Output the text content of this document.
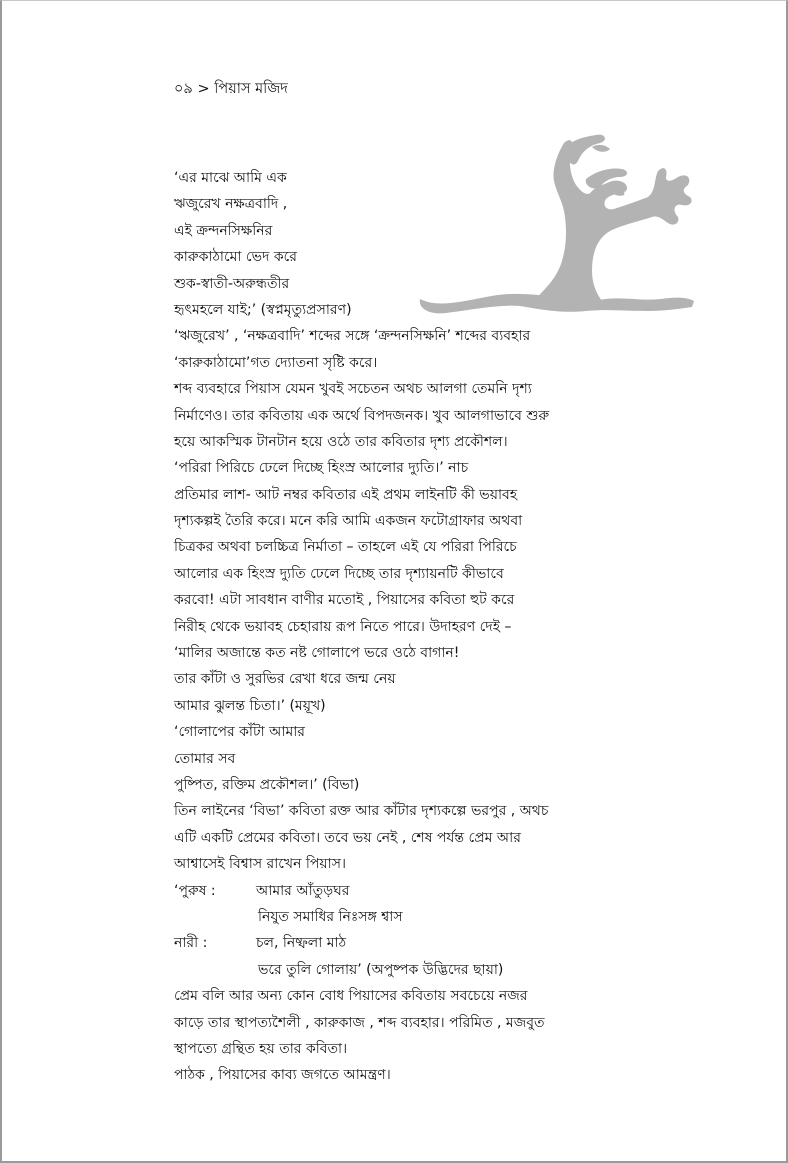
০৯ > পিয়াস মজিদ
‘এর মাঝে আমি এক
ঋজুরেখ নক্ষত্রবাদি ,
এই ক্রন্দনসিক্ষনির
কারুকাঠামো ভেদ করে
শুক-স্বাতী-অরুন্ধতীর
হৃৎমহলে যাই;’ (স্বপ্নমৃত্যুপ্রসারণ)
‘ঋজুরেখ’ , ‘নক্ষত্রবাদি’ শব্দের সঙ্গে ‘ক্রন্দনসিক্ষনি’ শব্দের ব্যবহার
‘কারুকাঠামো’গত দ্যোতনা সৃষ্টি করে।
শব্দ ব্যবহারে পিয়াস যেমন খুবই সচেতন অথচ আলগা তেমনি দৃশ্য
নির্মাণেও। তার কবিতায় এক অর্থে বিপদজনক। খুব আলগাভাবে শুরু
হয়ে আকস্মিক টানটান হয়ে ওঠে তার কবিতার দৃশ্য প্রকৌশল।
‘পরিরা পিরিচে ঢেলে দিচ্ছে হিংস্র আলোর দ্যুতি।’ নাচ
প্রতিমার লাশ- আট নম্বর কবিতার এই প্রথম লাইনটি কী ভয়াবহ
দৃশ্যকল্পই তৈরি করে। মনে করি আমি একজন ফটোগ্রাফার অথবা
চিত্রকর অথবা চলচ্চিত্র নির্মাতা – তাহলে এই যে পরিরা পিরিচে
আলোর এক হিংস্র দ্যুতি ঢেলে দিচ্ছে তার দৃশ্যায়নটি কীভাবে
করবো! এটা সাবধান বাণীর মতোই , পিয়াসের কবিতা হুট করে
নিরীহ থেকে ভয়াবহ চেহারায় রূপ নিতে পারে। উদাহরণ দেই –
‘মালির অজান্তে কত নষ্ট গোলাপে ভরে ওঠে বাগান!
তার কাঁটা ও সুরভির রেখা ধরে জন্ম নেয়
আমার ঝুলন্ত চিতা।’ (ময়ূখ)
‘গোলাপের কাঁটা আমার
তোমার সব
পুষ্পিত, রক্তিম প্রকৌশল।’ (বিভা)
তিন লাইনের ‘বিভা’ কবিতা রক্ত আর কাঁটার দৃশ্যকল্পে ভরপুর , অথচ
এটি একটি প্রেমের কবিতা। তবে ভয় নেই , শেষ পর্যন্ত প্রেম আর
আশ্বাসেই বিশ্বাস রাখেন পিয়াস।
‘পুরুষ :	আমার আঁতুড়ঘর
নিযুত সমাধির নিঃসঙ্গ শ্বাস
নারী :	চল, নিষ্ফলা মাঠ
ভরে তুলি গোলায়’ (অপুষ্পক উদ্ভিদের ছায়া)
প্রেম বলি আর অন্য কোন বোধ পিয়াসের কবিতায় সবচেয়ে নজর
কাড়ে তার স্থাপত্যশৈলী , কারুকাজ , শব্দ ব্যবহার। পরিমিত , মজবুত
স্থাপত্যে গ্রন্থিত হয় তার কবিতা।
পাঠক , পিয়াসের কাব্য জগতে আমন্ত্রণ।
